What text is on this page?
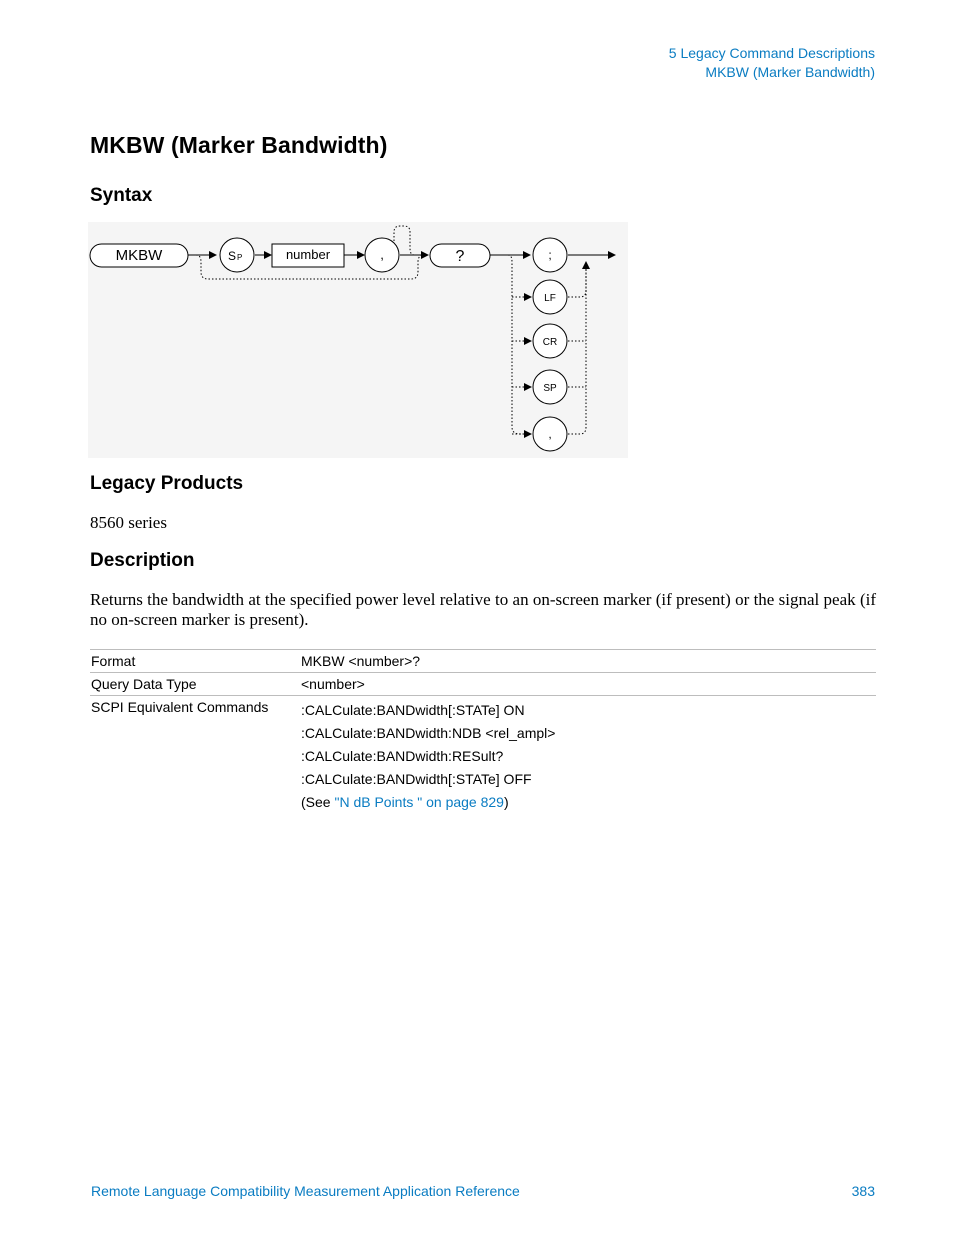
5 Legacy Command Descriptions
MKBW (Marker Bandwidth)
MKBW (Marker Bandwidth)
Syntax
MKBW	S P	number	,	?	;
LF
CR
SP
,
Legacy Products

8560 series

Description

Returns the bandwidth at the specified power level relative to an on-screen marker (if present) or the signal peak (if no on-screen marker is present).

Format	MKBW <number>?
Query Data Type	<number>
SCPI Equivalent Commands	:CALCulate:BANDwidth[:STATe] ON
:CALCulate:BANDwidth:NDB <rel_ampl>
:CALCulate:BANDwidth:RESult?
:CALCulate:BANDwidth[:STATe] OFF
(See "N dB Points " on page 829)
Remote Language Compatibility Measurement Application Reference	383
